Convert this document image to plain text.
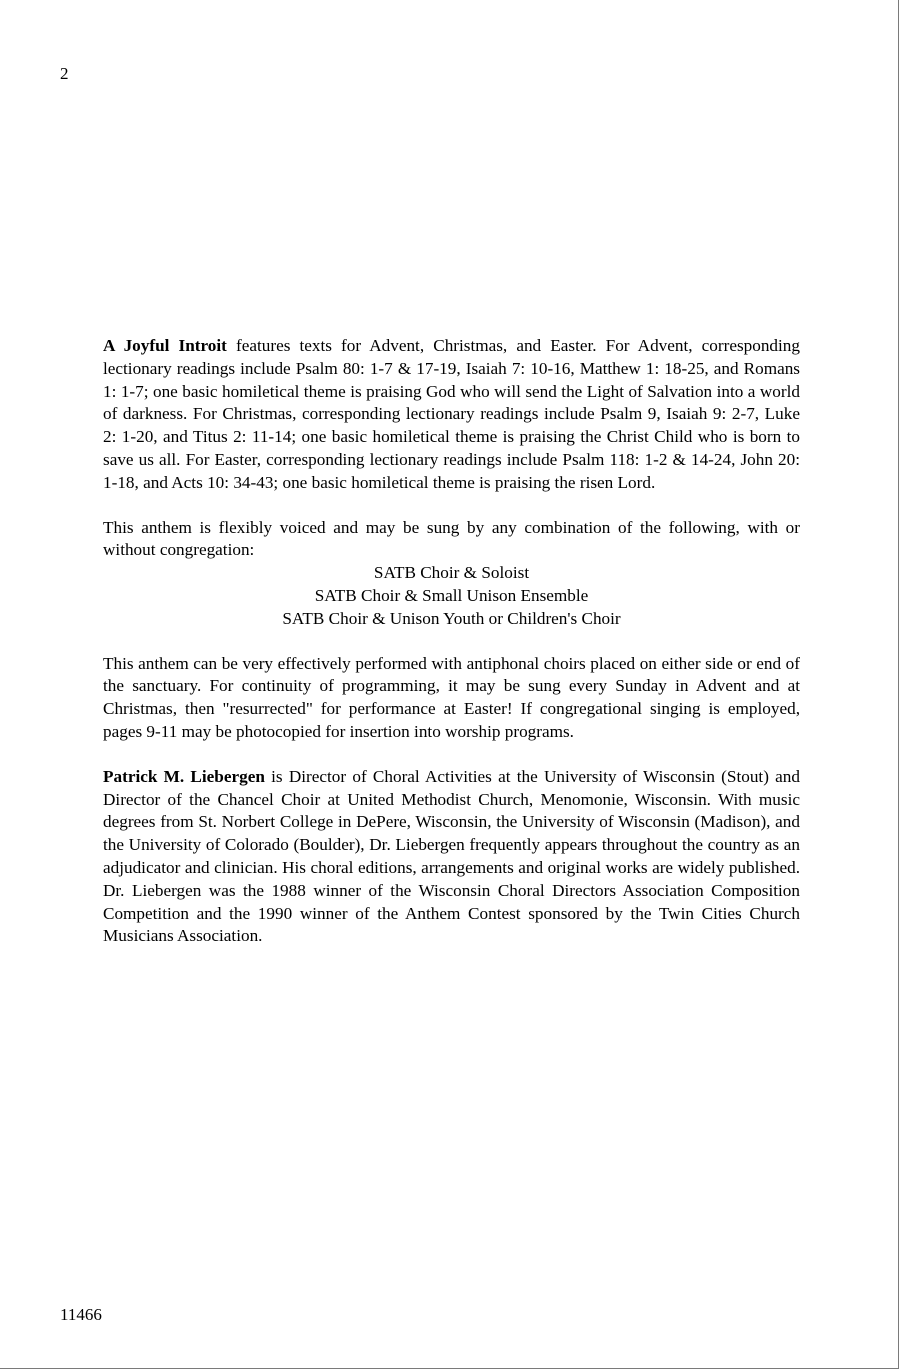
2

A Joyful Introit features texts for Advent, Christmas, and Easter. For Advent, corresponding lectionary readings include Psalm 80: 1-7 & 17-19, Isaiah 7: 10-16, Matthew 1: 18-25, and Romans 1: 1-7; one basic homiletical theme is praising God who will send the Light of Salvation into a world of darkness. For Christmas, corresponding lectionary readings include Psalm 9, Isaiah 9: 2-7, Luke 2: 1-20, and Titus 2: 11-14; one basic homiletical theme is praising the Christ Child who is born to save us all. For Easter, corresponding lectionary readings include Psalm 118: 1-2 & 14-24, John 20: 1-18, and Acts 10: 34-43; one basic homiletical theme is praising the risen Lord.

This anthem is flexibly voiced and may be sung by any combination of the following, with or without congregation:

SATB Choir & Soloist
SATB Choir & Small Unison Ensemble
SATB Choir & Unison Youth or Children's Choir

This anthem can be very effectively performed with antiphonal choirs placed on either side or end of the sanctuary. For continuity of programming, it may be sung every Sunday in Advent and at Christmas, then "resurrected" for performance at Easter! If congregational singing is employed, pages 9-11 may be photocopied for insertion into worship programs.

Patrick M. Liebergen is Director of Choral Activities at the University of Wisconsin (Stout) and Director of the Chancel Choir at United Methodist Church, Menomonie, Wisconsin. With music degrees from St. Norbert College in DePere, Wisconsin, the University of Wisconsin (Madison), and the University of Colorado (Boulder), Dr. Liebergen frequently appears throughout the country as an adjudicator and clinician. His choral editions, arrangements and original works are widely published. Dr. Liebergen was the 1988 winner of the Wisconsin Choral Directors Association Composition Competition and the 1990 winner of the Anthem Contest sponsored by the Twin Cities Church Musicians Association.

11466
